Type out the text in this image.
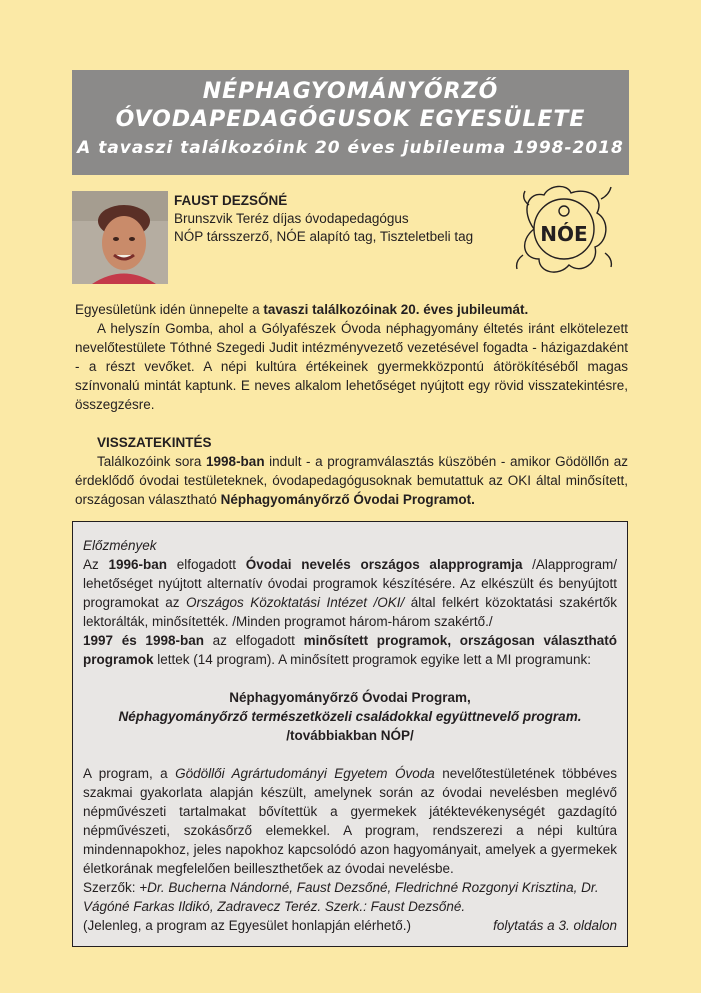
NÉPHAGYOMÁNYŐRZŐ
ÓVODAPEDAGÓGUSOK EGYESÜLETE
A tavaszi találkozóink 20 éves jubileuma 1998-2018
FAUST DEZSŐNÉ
Brunszvik Teréz díjas óvodapedagógus
NÓP társszerző, NÓE alapító tag, Tiszteletbeli tag	NÓE
Egyesületünk idén ünnepelte a tavaszi találkozóinak 20. éves jubileumát.
A helyszín Gomba, ahol a Gólyafészek Óvoda néphagyomány éltetés iránt elkötelezett nevelőtestülete Tóthné Szegedi Judit intézményvezető vezetésével fogadta - házigazdaként - a részt vevőket. A népi kultúra értékeinek gyermekközpontú átörökítéséből magas színvonalú mintát kaptunk. E neves alkalom lehetőséget nyújtott egy rövid visszatekintésre, összegzésre.
VISSZATEKINTÉS
Találkozóink sora 1998-ban indult - a programválasztás küszöbén - amikor Gödöllőn az érdeklődő óvodai testületeknek, óvodapedagógusoknak bemutattuk az OKI által minősített, országosan választható Néphagyományőrző Óvodai Programot.
Előzmények
Az 1996-ban elfogadott Óvodai nevelés országos alapprogramja /Alapprogram/ lehetőséget nyújtott alternatív óvodai programok készítésére. Az elkészült és benyújtott programokat az Országos Közoktatási Intézet /OKI/ által felkért közoktatási szakértők lektorálták, minősítették. /Minden programot három-három szakértő./
1997 és 1998-ban az elfogadott minősített programok, országosan választható programok lettek (14 program). A minősített programok egyike lett a MI programunk:
Néphagyományőrző Óvodai Program,
Néphagyományőrző természetközeli családokkal együttnevelő program.
/továbbiakban NÓP/
A program, a Gödöllői Agrártudományi Egyetem Óvoda nevelőtestületének többéves szakmai gyakorlata alapján készült, amelynek során az óvodai nevelésben meglévő népművészeti tartalmakat bővítettük a gyermekek játéktevékenységét gazdagító népművészeti, szokásőrző elemekkel. A program, rendszerezi a népi kultúra mindennapokhoz, jeles napokhoz kapcsolódó azon hagyományait, amelyek a gyermekek életkorának megfelelően beilleszthetőek az óvodai nevelésbe.
Szerzők: +Dr. Bucherna Nándorné, Faust Dezsőné, Fledrichné Rozgonyi Krisztina, Dr. Vágóné Farkas Ildikó, Zadravecz Teréz. Szerk.: Faust Dezsőné.
(Jelenleg, a program az Egyesület honlapján elérhető.)	folytatás a 3. oldalon
